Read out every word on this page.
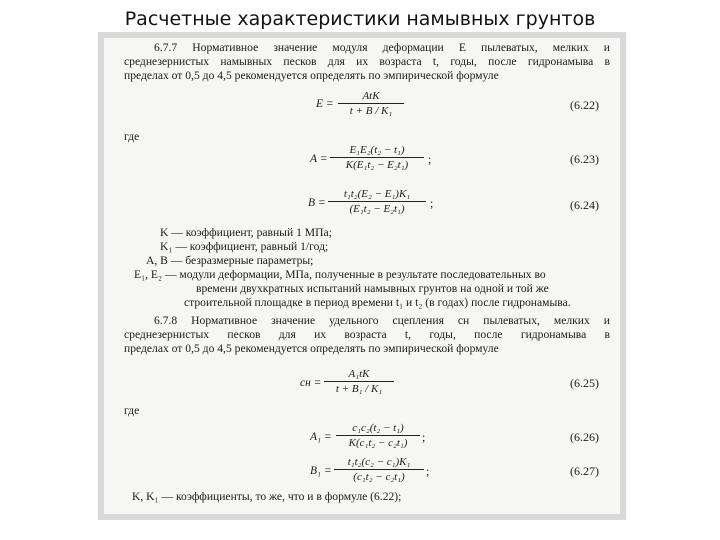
Расчетные характеристики намывных грунтов
6.7.7 Нормативное значение модуля деформации E пылеватых, мелких и
среднезернистых намывных песков для их возраста t, годы, после гидронамыва в
пределах от 0,5 до 4,5 рекомендуется определять по эмпирической формуле
E =
AtK
t + B / K₁	(6.22)
где
$A = \frac{\text{E₁E₂(t₂ − t₁)}}{\text{K(E₁t₂ − E₂t₁)}}$ ;	(6.23)
$B = \frac{\text{t₁t₂(E₂ − E₁)K₁}}{\text{(E₁t₂ − E₂t₁)}}$ ;	(6.24)
K — коэффициент, равный 1 МПа;
K₁ — коэффициент, равный 1/год;
A, B — безразмерные параметры;
E₁, E₂ — модули деформации, МПа, полученные в результате последовательных во
времени двухкратных испытаний намывных грунтов на одной и той же
строительной площадке в период времени t₁ и t₂ (в годах) после гидронамыва.
6.7.8 Нормативное значение удельного сцепления cн пылеватых, мелких и
среднезернистых песков для их возраста t, годы, после гидронамыва в
пределах от 0,5 до 4,5 рекомендуется определять по эмпирической формуле
cн = $\frac{\text{A₁tK}}{\text{t + B₁ / K₁}}$	(6.25)
где
$A_1 = \frac{\text{c₁c₂(t₂ − t₁)}}{\text{K(c₁t₂ − c₂t₁)}}$ ;	(6.26)
$B_1 = \frac{\text{t₁t₂(c₂ − c₁)K₁}}{\text{(c₁t₂ − c₂t₁)}}$ ;	(6.27)
K, K₁ — коэффициенты, то же, что и в формуле (6.22);
